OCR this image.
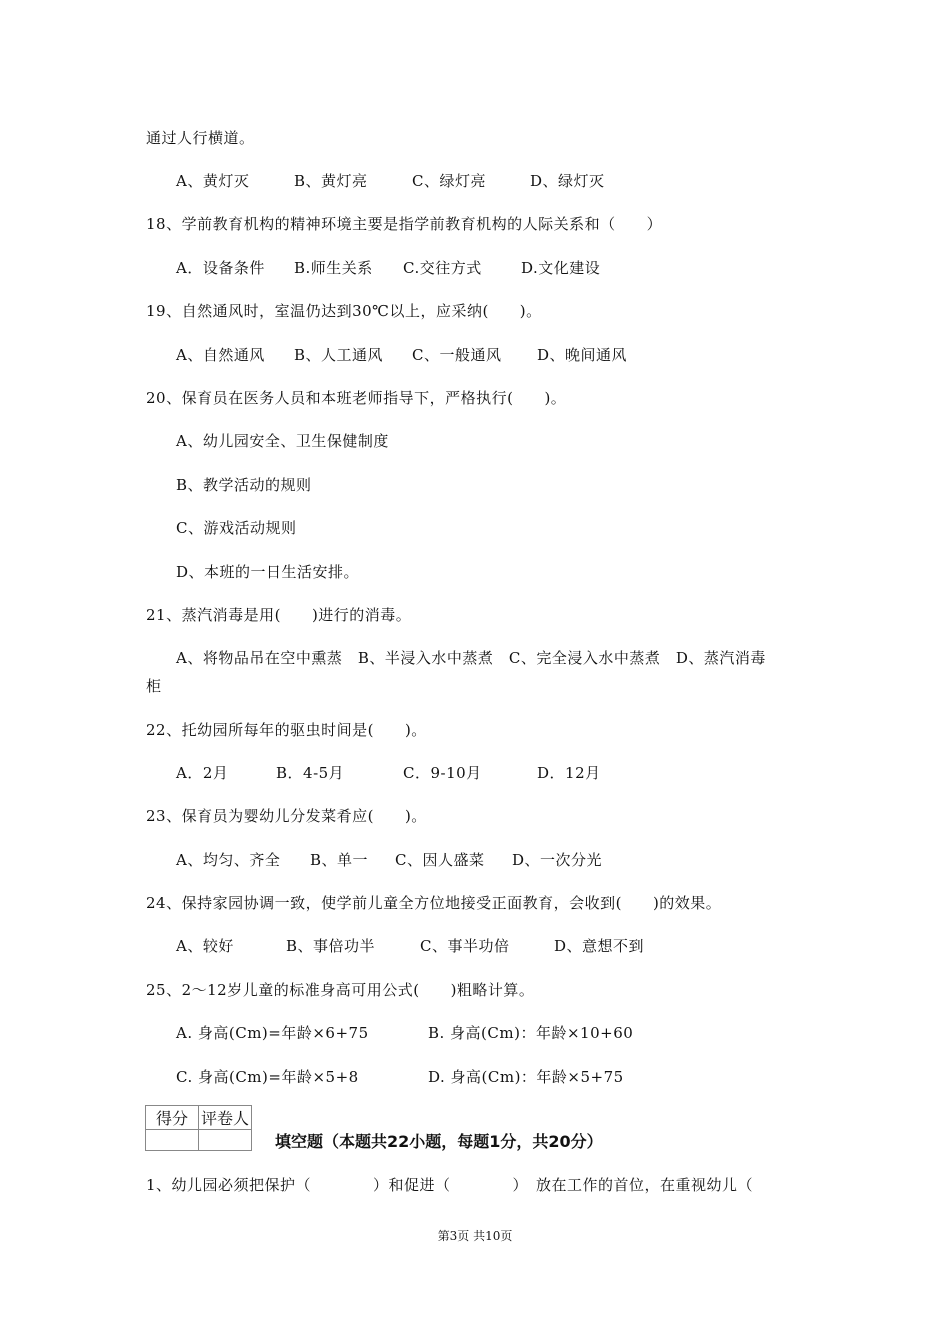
通过人行横道。
A、黄灯灭	B、黄灯亮	C、绿灯亮	D、绿灯灭
18、学前教育机构的精神环境主要是指学前教育机构的人际关系和（　　）
A．设备条件 B.师生关系 C.交往方式	D.文化建设
19、自然通风时，室温仍达到30℃以上，应采纳(　　)。
A、自然通风 B、人工通风 C、一般通风 D、晚间通风
20、保育员在医务人员和本班老师指导下，严格执行(　　)。
A、幼儿园安全、卫生保健制度
B、教学活动的规则
C、游戏活动规则
D、本班的一日生活安排。
21、蒸汽消毒是用(　　)进行的消毒。
A、将物品吊在空中熏蒸　B、半浸入水中蒸煮　C、完全浸入水中蒸煮　D、蒸汽消毒
柜
22、托幼园所每年的驱虫时间是(　　)。
A．2月	B．4-5月	C．9-10月	D．12月
23、保育员为婴幼儿分发菜肴应(　　)。
A、均匀、齐全 B、单一 C、因人盛菜 D、一次分光
24、保持家园协调一致，使学前儿童全方位地接受正面教育，会收到(　　)的效果。
A、较好	B、事倍功半	C、事半功倍	D、意想不到
25、2～12岁儿童的标准身高可用公式(　　)粗略计算。
A. 身高(Cm)=年龄×6+75	B. 身高(Cm)：年龄×10+60
C. 身高(Cm)=年龄×5+8	D. 身高(Cm)：年龄×5+75
得分	评卷人

填空题（本题共22小题，每题1分，共20分）
1、幼儿园必须把保护（　　　　）和促进（　　　　）　放在工作的首位，在重视幼儿（
第3页 共10页
